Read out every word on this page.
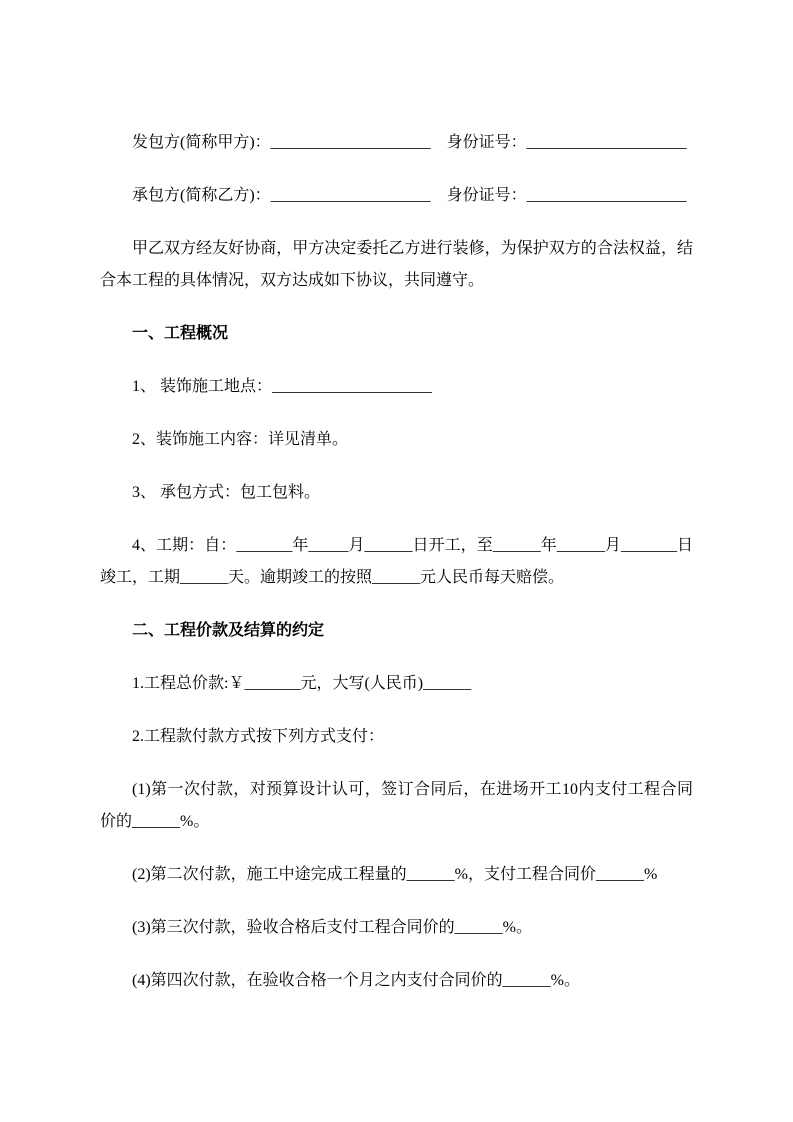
发包方(简称甲方)：____________________　身份证号：____________________

承包方(简称乙方)：____________________　身份证号：____________________

甲乙双方经友好协商，甲方决定委托乙方进行装修，为保护双方的合法权益，结合本工程的具体情况，双方达成如下协议，共同遵守。

一、工程概况

1、 装饰施工地点：____________________

2、装饰施工内容：详见清单。

3、 承包方式：包工包料。

4、工期：自：_______年_____月______日开工，至______年______月_______日竣工，工期______天。逾期竣工的按照______元人民币每天赔偿。

二、工程价款及结算的约定

1.工程总价款:￥_______元，大写(人民币)______

2.工程款付款方式按下列方式支付：

(1)第一次付款，对预算设计认可，签订合同后，在进场开工10内支付工程合同价的______%。

(2)第二次付款，施工中途完成工程量的______%，支付工程合同价______%

(3)第三次付款，验收合格后支付工程合同价的______%。

(4)第四次付款，在验收合格一个月之内支付合同价的______%。
